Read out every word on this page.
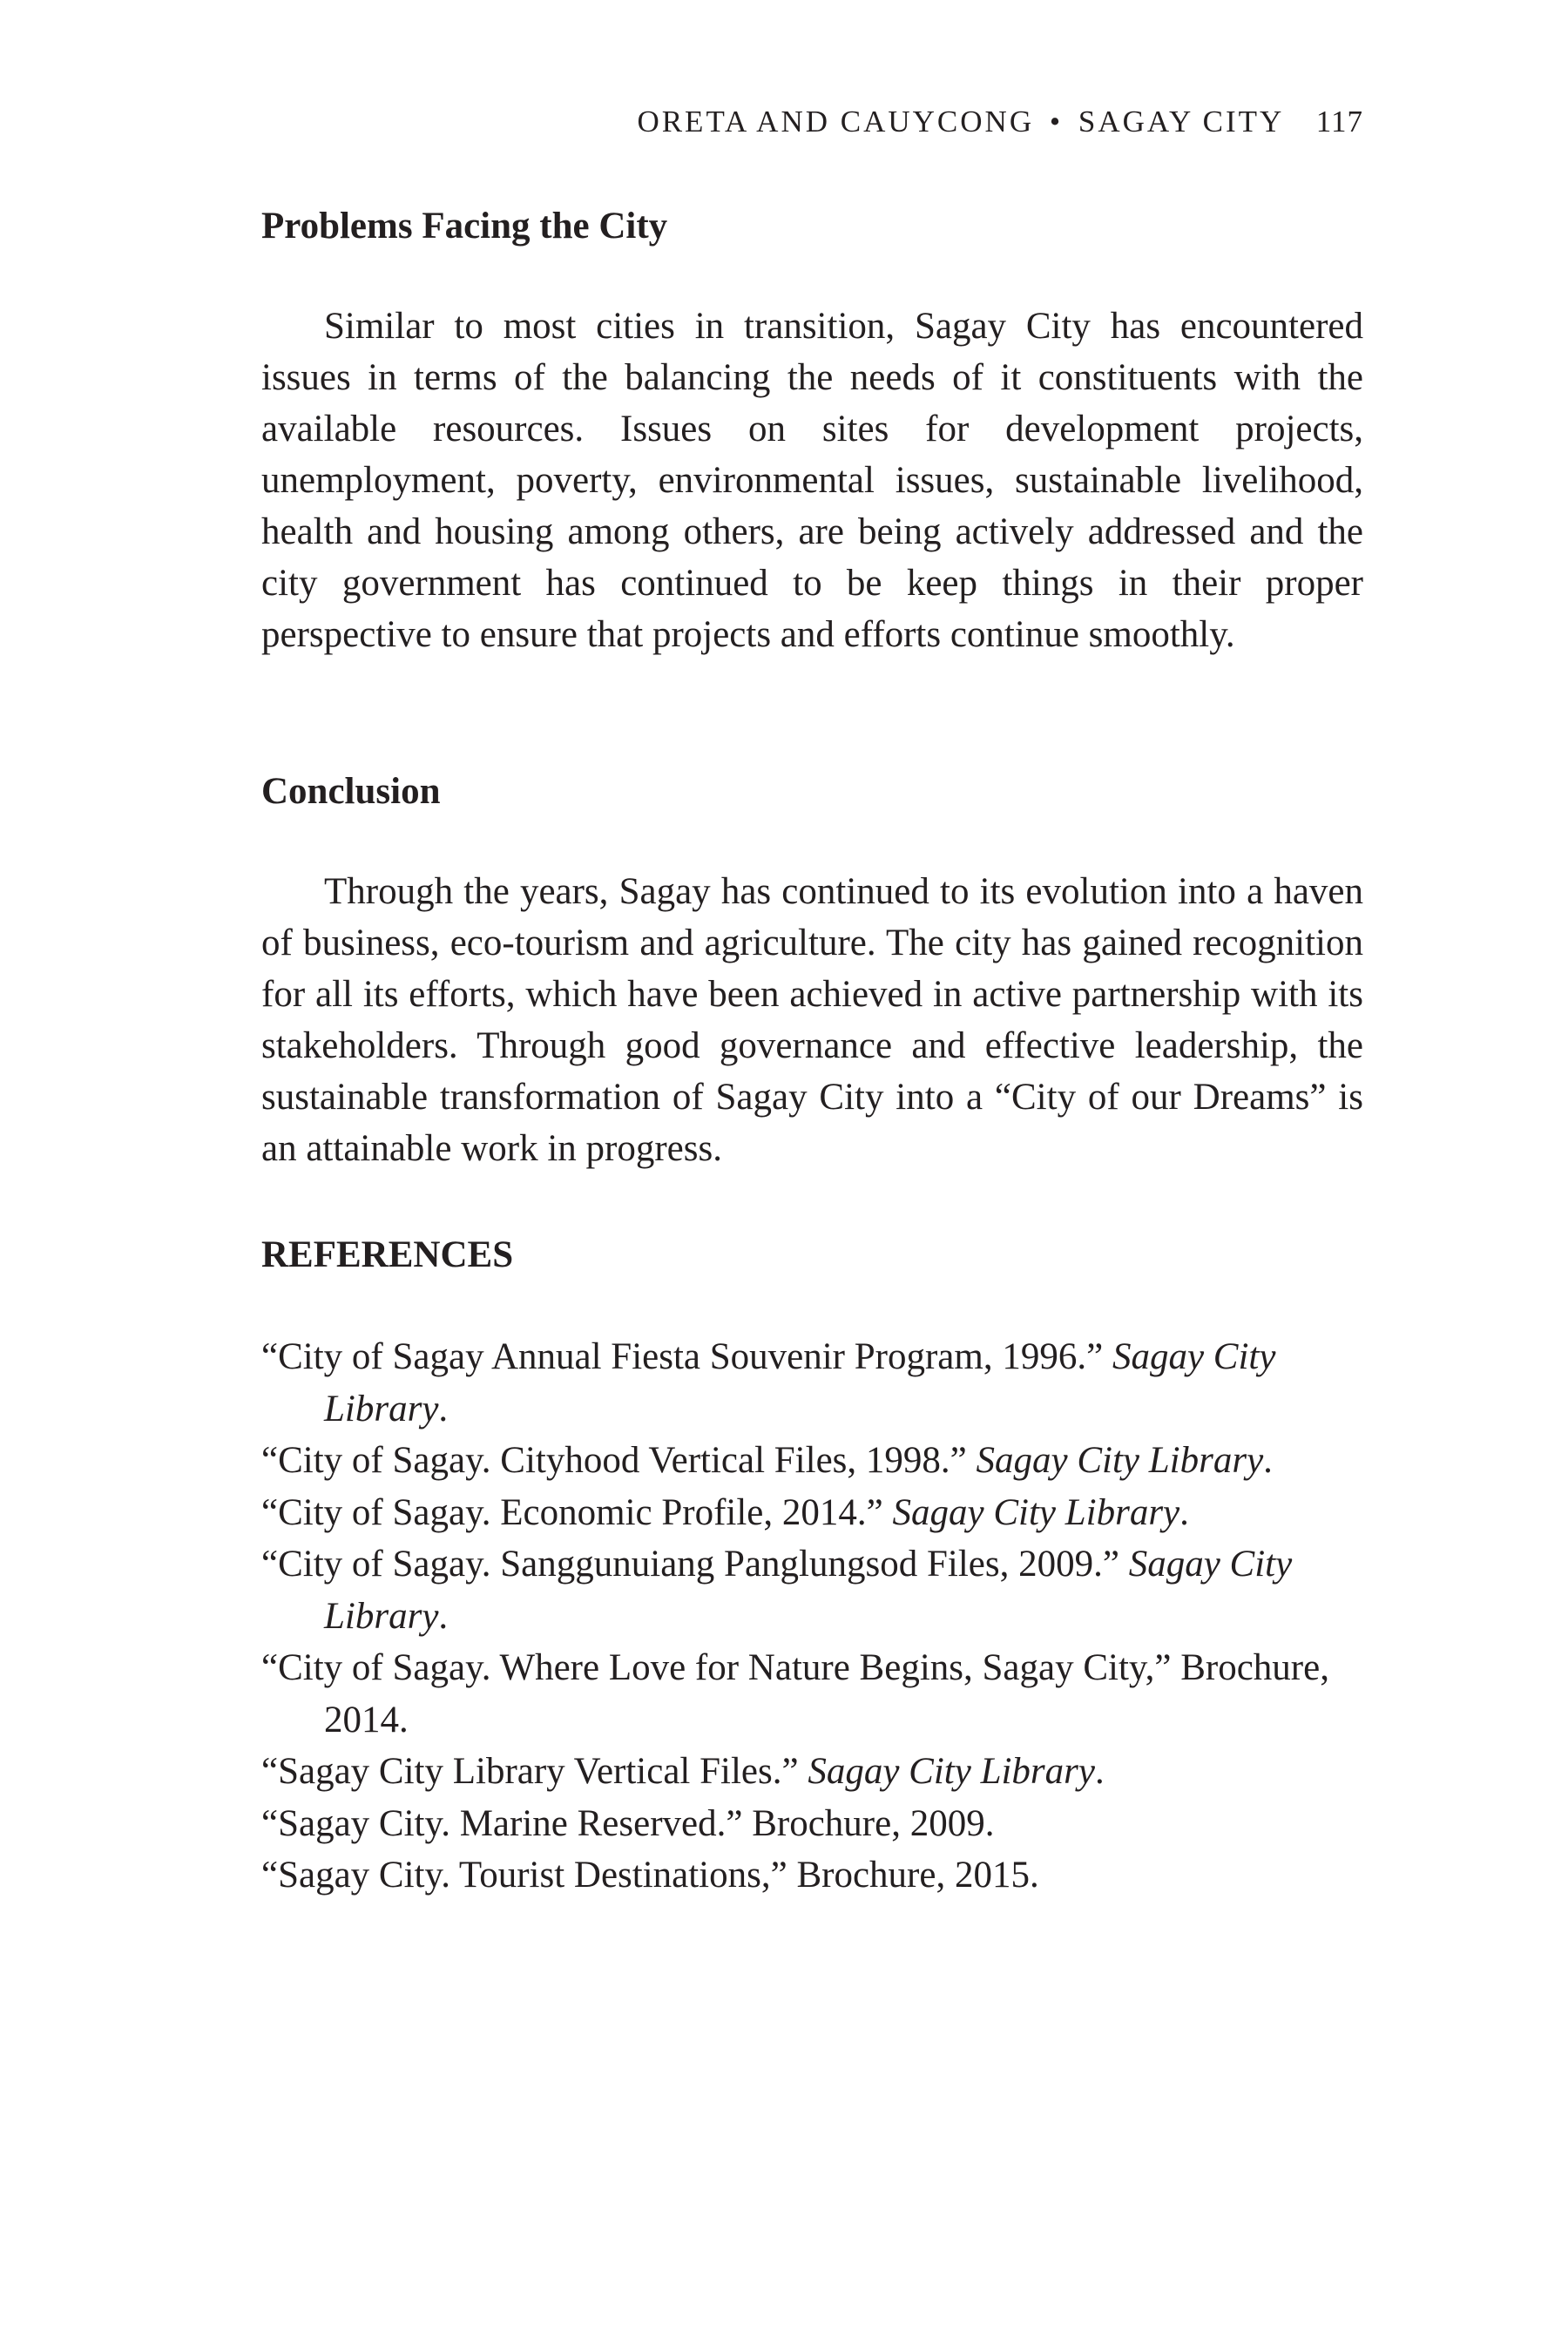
ORETA AND CAUYCONG • SAGAY CITY 117
Problems Facing the City

Similar to most cities in transition, Sagay City has encountered issues in terms of the balancing the needs of it constituents with the available resources. Issues on sites for development projects, unemployment, poverty, environmental issues, sustainable livelihood, health and housing among others, are being actively addressed and the city government has continued to be keep things in their proper perspective to ensure that projects and efforts continue smoothly.

Conclusion

Through the years, Sagay has continued to its evolution into a haven of business, eco-tourism and agriculture. The city has gained recognition for all its efforts, which have been achieved in active partnership with its stakeholders. Through good governance and effective leadership, the sustainable transformation of Sagay City into a “City of our Dreams” is an attainable work in progress.

REFERENCES
“City of Sagay Annual Fiesta Souvenir Program, 1996.” Sagay City Library.
“City of Sagay. Cityhood Vertical Files, 1998.” Sagay City Library.
“City of Sagay. Economic Profile, 2014.” Sagay City Library.
“City of Sagay. Sanggunuiang Panglungsod Files, 2009.” Sagay City Library.
“City of Sagay. Where Love for Nature Begins, Sagay City,” Brochure, 2014.
“Sagay City Library Vertical Files.” Sagay City Library.
“Sagay City. Marine Reserved.” Brochure, 2009.
“Sagay City. Tourist Destinations,” Brochure, 2015.
